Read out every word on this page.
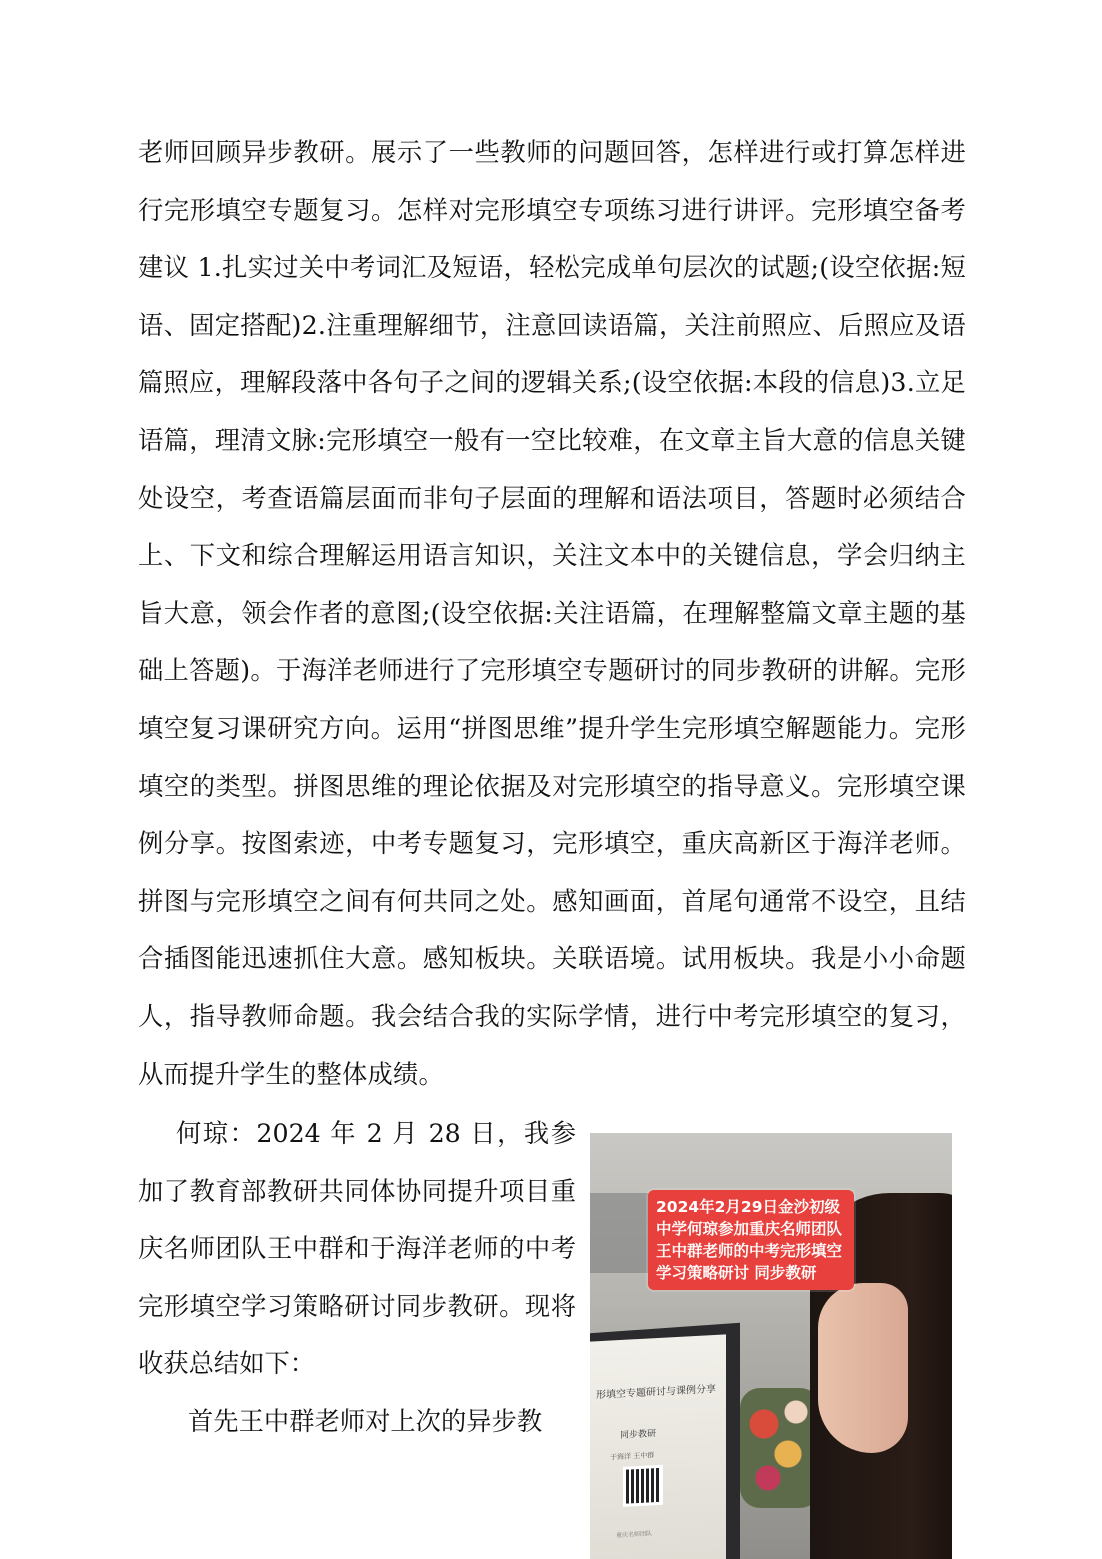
老师回顾异步教研。展示了一些教师的问题回答，怎样进行或打算怎样进行完形填空专题复习。怎样对完形填空专项练习进行讲评。完形填空备考建议 1.扎实过关中考词汇及短语，轻松完成单句层次的试题;(设空依据:短语、固定搭配)2.注重理解细节，注意回读语篇，关注前照应、后照应及语篇照应，理解段落中各句子之间的逻辑关系;(设空依据:本段的信息)3.立足语篇，理清文脉:完形填空一般有一空比较难，在文章主旨大意的信息关键处设空，考查语篇层面而非句子层面的理解和语法项目，答题时必须结合上、下文和综合理解运用语言知识，关注文本中的关键信息，学会归纳主旨大意，领会作者的意图;(设空依据:关注语篇，在理解整篇文章主题的基础上答题)。于海洋老师进行了完形填空专题研讨的同步教研的讲解。完形填空复习课研究方向。运用“拼图思维”提升学生完形填空解题能力。完形填空的类型。拼图思维的理论依据及对完形填空的指导意义。完形填空课例分享。按图索迹，中考专题复习，完形填空，重庆高新区于海洋老师。拼图与完形填空之间有何共同之处。感知画面，首尾句通常不设空，且结合插图能迅速抓住大意。感知板块。关联语境。试用板块。我是小小命题人，指导教师命题。我会结合我的实际学情，进行中考完形填空的复习，从而提升学生的整体成绩。

何琼：2024 年 2 月 28 日，我参加了教育部教研共同体协同提升项目重庆名师团队王中群和于海洋老师的中考完形填空学习策略研讨同步教研。现将收获总结如下：

首先王中群老师对上次的异步教

形填空专题研讨与课例分享
同步教研
于海洋 王中群
重庆名师团队
2024年2月29日金沙初级中学何琼参加重庆名师团队王中群老师的中考完形填空学习策略研讨 同步教研
